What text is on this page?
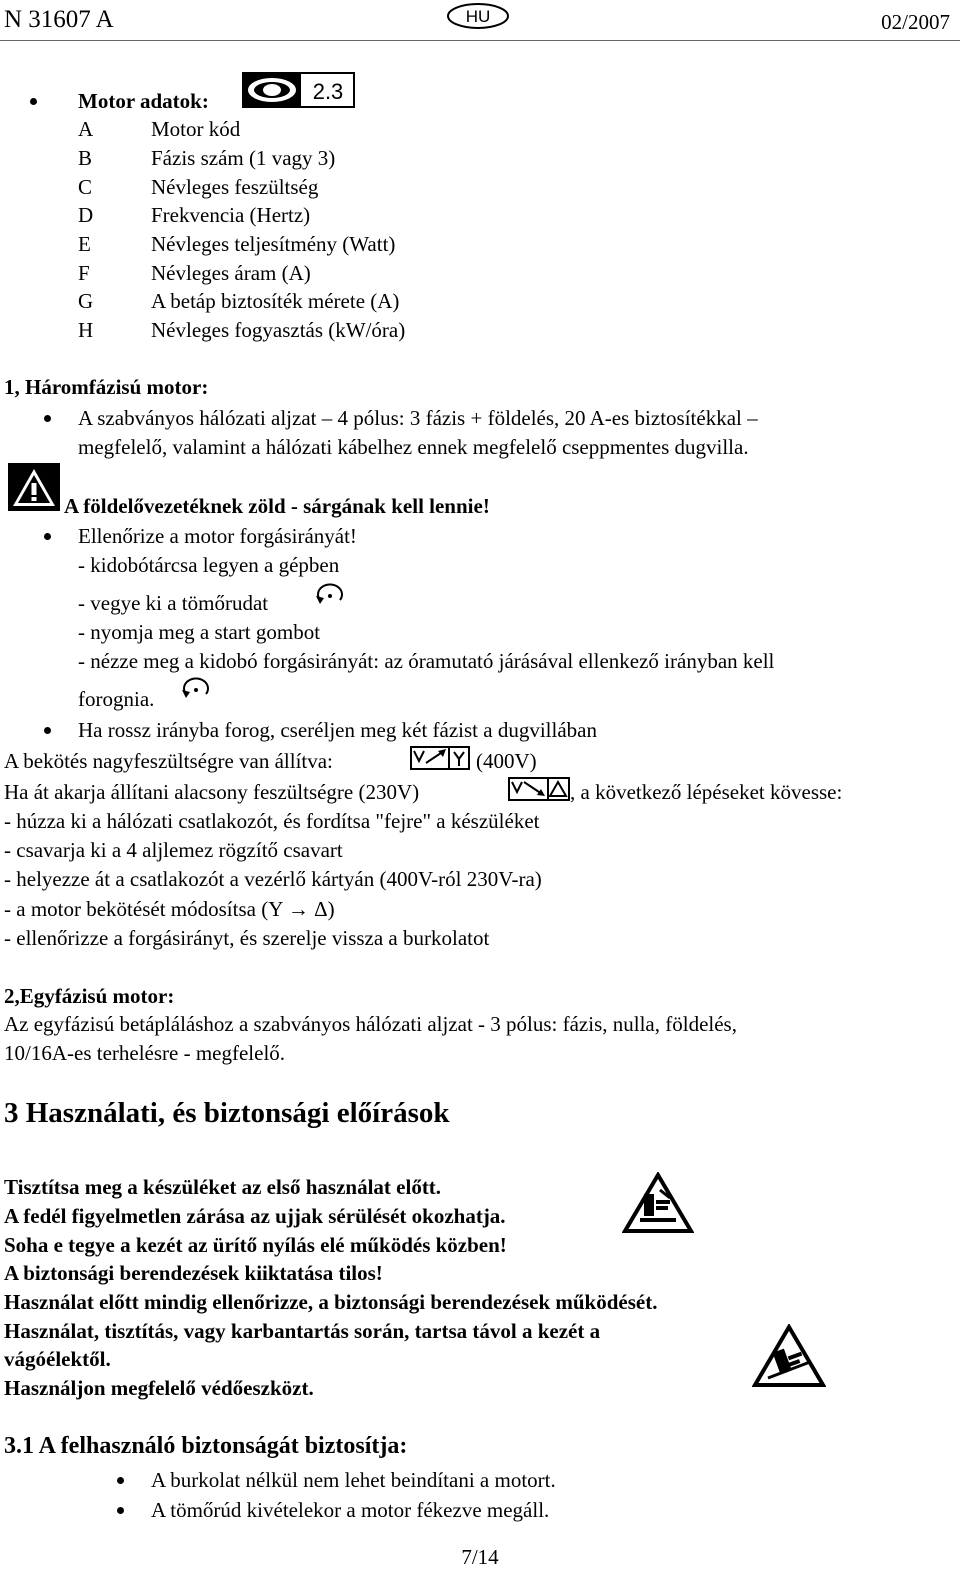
N 31607 A	HU	02/2007
Motor adatok:	2.3
A	Motor kód
B	Fázis szám (1 vagy 3)
C	Névleges feszültség
D	Frekvencia (Hertz)
E	Névleges teljesítmény (Watt)
F	Névleges áram (A)
G	A betáp biztosíték mérete (A)
H	Névleges fogyasztás (kW/óra)
1, Háromfázisú motor:
A szabványos hálózati aljzat – 4 pólus: 3 fázis + földelés, 20 A-es biztosítékkal –
megfelelő, valamint a hálózati kábelhez ennek megfelelő cseppmentes dugvilla.
A földelővezetéknek zöld - sárgának kell lennie!
Ellenőrize a motor forgásirányát!
- kidobótárcsa legyen a gépben
- vegye ki a tömőrudat
- nyomja meg a start gombot
- nézze meg a kidobó forgásirányát: az óramutató járásával ellenkező irányban kell
forognia.
Ha rossz irányba forog, cseréljen meg két fázist a dugvillában
A bekötés nagyfeszültségre van állítva:	(400V)
Ha át akarja állítani alacsony feszültségre (230V)	, a következő lépéseket kövesse:
- húzza ki a hálózati csatlakozót, és fordítsa "fejre" a készüléket
- csavarja ki a 4 aljlemez rögzítő csavart
- helyezze át a csatlakozót a vezérlő kártyán (400V-ról 230V-ra)
- a motor bekötését módosítsa (Y → Δ)
- ellenőrizze a forgásirányt, és szerelje vissza a burkolatot
2,Egyfázisú motor:
Az egyfázisú betápláláshoz a szabványos hálózati aljzat - 3 pólus: fázis, nulla, földelés,
10/16A-es terhelésre - megfelelő.
3 Használati, és biztonsági előírások
Tisztítsa meg a készüléket az első használat előtt.
A fedél figyelmetlen zárása az ujjak sérülését okozhatja.
Soha e tegye a kezét az ürítő nyílás elé működés közben!
A biztonsági berendezések kiiktatása tilos!
Használat előtt mindig ellenőrizze, a biztonsági berendezések működését.
Használat, tisztítás, vagy karbantartás során, tartsa távol a kezét a
vágóélektől.
Használjon megfelelő védőeszközt.
3.1 A felhasználó biztonságát biztosítja:
A burkolat nélkül nem lehet beindítani a motort.
A tömőrúd kivételekor a motor fékezve megáll.
7/14
